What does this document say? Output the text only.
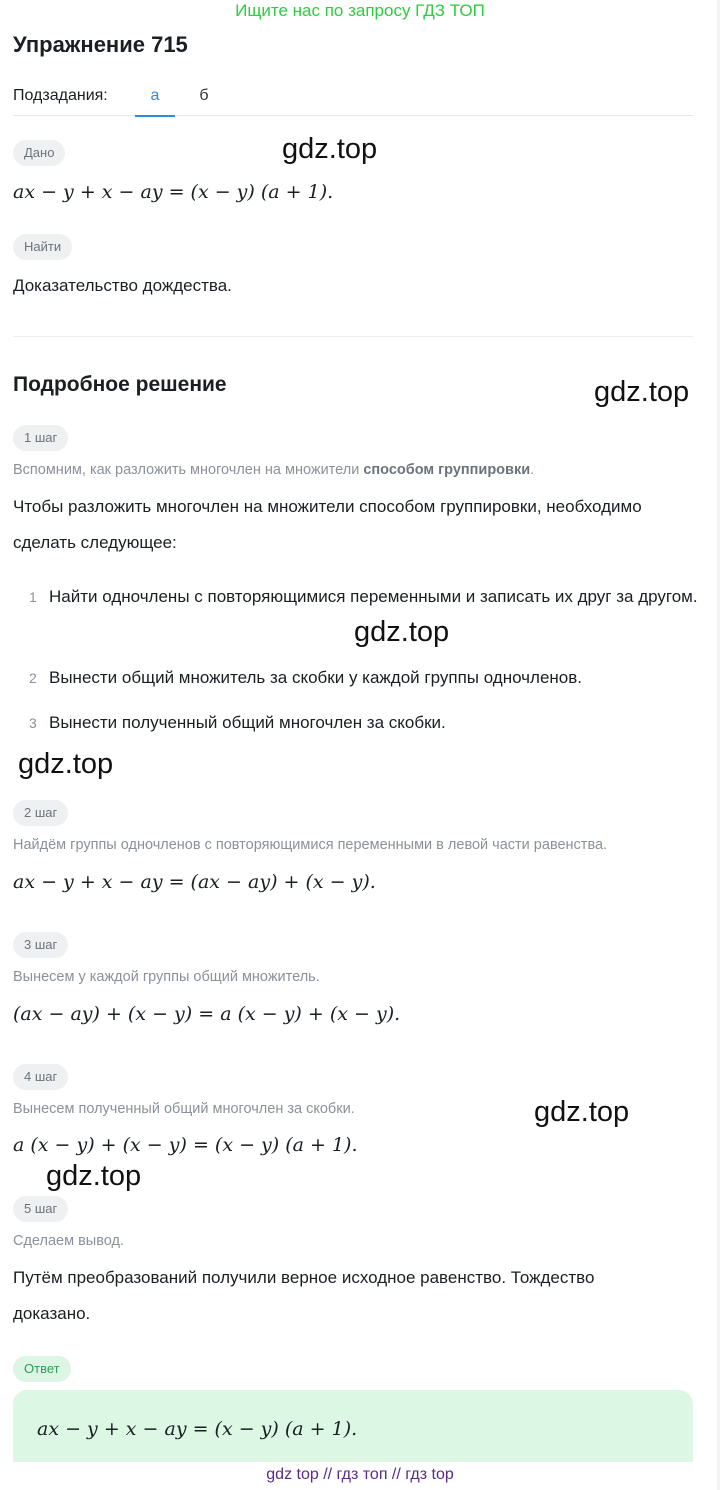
Ищите нас по запросу ГДЗ ТОП
Упражнение 715
Подзадания:	а	б
Дано
ax − y + x − ay = (x − y) (a + 1).
Найти
Доказательство дождества.
Подробное решение
1 шаг
Вспомним, как разложить многочлен на множители способом группировки.
Чтобы разложить многочлен на множители способом группировки, необходимо сделать следующее:
1 Найти одночлены с повторяющимися переменными и записать их друг за другом.
2 Вынести общий множитель за скобки у каждой группы одночленов.
3 Вынести полученный общий многочлен за скобки.
2 шаг
Найдём группы одночленов с повторяющимися переменными в левой части равенства.
ax − y + x − ay = (ax − ay) + (x − y).
3 шаг
Вынесем у каждой группы общий множитель.
(ax − ay) + (x − y) = a (x − y) + (x − y).
4 шаг
Вынесем полученный общий многочлен за скобки.
a (x − y) + (x − y) = (x − y) (a + 1).
5 шаг
Сделаем вывод.
Путём преобразований получили верное исходное равенство. Тождество доказано.
Ответ
ax − y + x − ay = (x − y) (a + 1).
gdz.top
gdz.top
gdz.top
gdz.top
gdz.top
gdz.top
gdz top // гдз топ // гдз top
